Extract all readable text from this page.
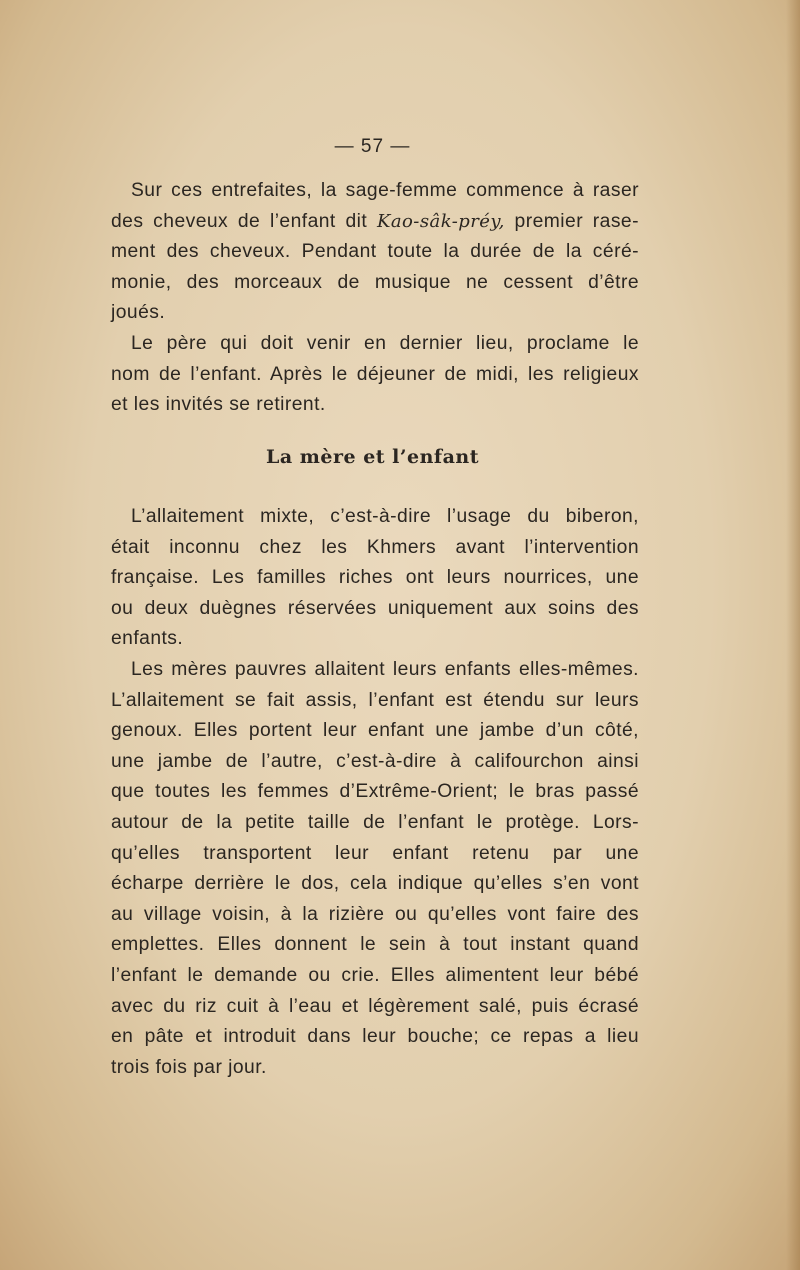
— 57 —
Sur ces entrefaites, la sage-femme commence à raser
des cheveux de l’enfant dit Kao-sâk-préy, premier rase-
ment des cheveux. Pendant toute la durée de la céré-
monie, des morceaux de musique ne cessent d’être
joués.
Le père qui doit venir en dernier lieu, proclame le
nom de l’enfant. Après le déjeuner de midi, les religieux
et les invités se retirent.
La mère et l’enfant
L’allaitement mixte, c’est-à-dire l’usage du biberon,
était inconnu chez les Khmers avant l’intervention
française. Les familles riches ont leurs nourrices, une
ou deux duègnes réservées uniquement aux soins des
enfants.
Les mères pauvres allaitent leurs enfants elles-mêmes.
L’allaitement se fait assis, l’enfant est étendu sur leurs
genoux. Elles portent leur enfant une jambe d’un côté,
une jambe de l’autre, c’est-à-dire à califourchon ainsi
que toutes les femmes d’Extrême-Orient; le bras passé
autour de la petite taille de l’enfant le protège. Lors-
qu’elles transportent leur enfant retenu par une
écharpe derrière le dos, cela indique qu’elles s’en vont
au village voisin, à la rizière ou qu’elles vont faire des
emplettes. Elles donnent le sein à tout instant quand
l’enfant le demande ou crie. Elles alimentent leur bébé
avec du riz cuit à l’eau et légèrement salé, puis écrasé
en pâte et introduit dans leur bouche; ce repas a lieu
trois fois par jour.
